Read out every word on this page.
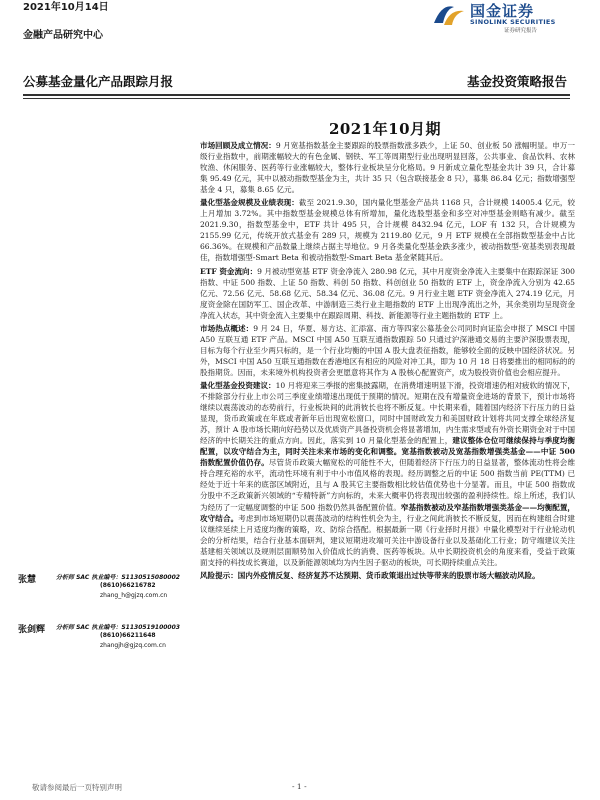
2021年10月14日
金融产品研究中心
国金证券
SINOLINK SECURITIES
证券研究报告
公募基金量化产品跟踪月报	基金投资策略报告
2021年10月期

市场回顾及成立情况：9 月宽基指数基金主要跟踪的股票指数涨多跌少，上证 50、创业板 50 涨幅明显。申万一级行业指数中，前期涨幅较大的有色金属、钢铁、军工等周期型行业出现明显回落，公共事业、食品饮料、农林牧渔、休闲服务、医药等行业涨幅较大，整体行业板块呈分化格局。9 月新成立量化型基金共计 39 只，合计募集 95.49 亿元，其中以被动指数型基金为主，共计 35 只（包含联接基金 8 只），募集 86.84 亿元；指数增强型基金 4 只，募集 8.65 亿元。

量化型基金规模及业绩表现：截至 2021.9.30，国内量化型基金产品共 1168 只，合计规模 14005.4 亿元，较上月增加 3.72%。其中指数型基金规模总体有所增加，量化选股型基金和多空对冲型基金则略有减少。截至 2021.9.30，指数型基金中，ETF 共计 495 只，合计规模 8432.94 亿元，LOF 有 132 只，合计规模为 2155.99 亿元，传统开放式基金有 289 只，规模为 2119.80 亿元，9 月 ETF 规模在全部指数型基金中占比 66.36%。在规模和产品数量上继续占据主导地位。9 月各类量化型基金跌多涨少，被动指数型-宽基类别表现最佳，指数增强型-Smart Beta 和被动指数型-Smart Beta 基金紧随其后。

ETF 资金流向：9 月被动型宽基 ETF 资金净流入 280.98 亿元，其中月度资金净流入主要集中在跟踪深证 300 指数、中证 500 指数、上证 50 指数、科创 50 指数、科创创业 50 指数的 ETF 上，资金净流入分别为 42.65 亿元、72.56 亿元、58.68 亿元、58.34 亿元、36.08 亿元。9 月行业主题 ETF 资金净流入 274.19 亿元，月度资金除在国防军工、国企改革、中游制造三类行业主题指数的 ETF 上出现净流出之外，其余类别均呈现资金净流入状态，其中资金流入主要集中在跟踪周期、科技、新能源等行业主题指数的 ETF 上。

市场热点概述：9 月 24 日，华夏、易方达、汇添富、南方等四家公募基金公司同时向证监会申报了 MSCI 中国 A50 互联互通 ETF 产品。MSCI 中国 A50 互联互通指数跟踪 50 只通过沪深港通交易的主要沪深股票表现，目标为每个行业至少两只标的，是一个行业均衡的中国 A 股大盘表征指数，能够较全面的反映中国经济状况。另外，MSCI 中国 A50 互联互通指数在香港地区有相应的风险对冲工具，即为 10 月 18 日将要推出的相同标的的股指期货。因而，未来境外机构投资者会更愿意将其作为 A 股核心配置资产，成为股投资价值也会相应提升。

量化型基金投资建议：10 月将迎来三季报的密集披露期，在消费增速明显下滑，投资增速仍相对疲软的情况下，不排除部分行业上市公司三季度业绩增速出现低于预期的情况。短期在没有增量资金进场的背景下，预计市场将继续以震荡波动的态势前行，行业板块间的此消彼长也将不断反复。中长期来看，随着国内经济下行压力的日益显现，货币政策或在年底或者新年后出现宽松窗口，同时中国财政发力和美国财政计划将共同支撑全球经济复苏，预计 A 股市场长期向好趋势以及优质资产具备投资机会将显著增加，内生需求型或有外资长期资金对于中国经济的中长期关注的重点方向。因此，落实到 10 月量化型基金的配置上，建议整体仓位可继续保持与季度均衡配置，以攻守结合为主，同时关注未来市场的变化和调整。宽基指数被动及宽基指数增强类基金——中证 500 指数配置价值仍存。尽管货币政策大幅宽松的可能性不大，但随着经济下行压力的日益显著，整体流动性将会维持合理充裕的水平，流动性环境有利于中小市值风格的表现。经历调整之后的中证 500 指数当前 PE(TTM) 已经处于近十年来的底部区域附近，且与 A 股其它主要指数相比较估值优势也十分显著。而且，中证 500 指数成分股中不乏政策新兴领域的“专精特新”方向标的，未来大概率仍将表现出较强的盈利持续性。综上所述，我们认为经历了一定幅度调整的中证 500 指数仍然具备配置价值。窄基指数被动及窄基指数增强类基金——均衡配置，攻守结合。考虑到市场短期仍以震荡波动的结构性机会为主，行业之间此消彼长不断反复，因而在构建组合时建议继续延续上月适度均衡的策略，攻、防综合搭配。根据最新一期《行业择时月报》中量化模型对于行业轮动机会的分析结果，结合行业基本面研判，建议短期进攻端可关注中游设备行业以及基础化工行业；防守端建议关注基建相关领域以及规则层面顺势加入价值成长的消费、医药等板块。从中长期投资机会的角度来看，受益于政策面支持的科技成长赛道，以及新能源领域均为内生因子驱动的板块，可长期持续重点关注。

风险提示：国内外疫情反复、经济复苏不达预期、货币政策退出过快等带来的股票市场大幅波动风险。

张慧	分析师 SAC 执业编号：S1130515080002
(8610)66216782
zhang_h@gjzq.com.cn
张剑辉 分析师 SAC 执业编号：S1130519100003
(8610)66211648
zhangjh@gjzq.com.cn
敬请参阅最后一页特别声明	- 1 -
